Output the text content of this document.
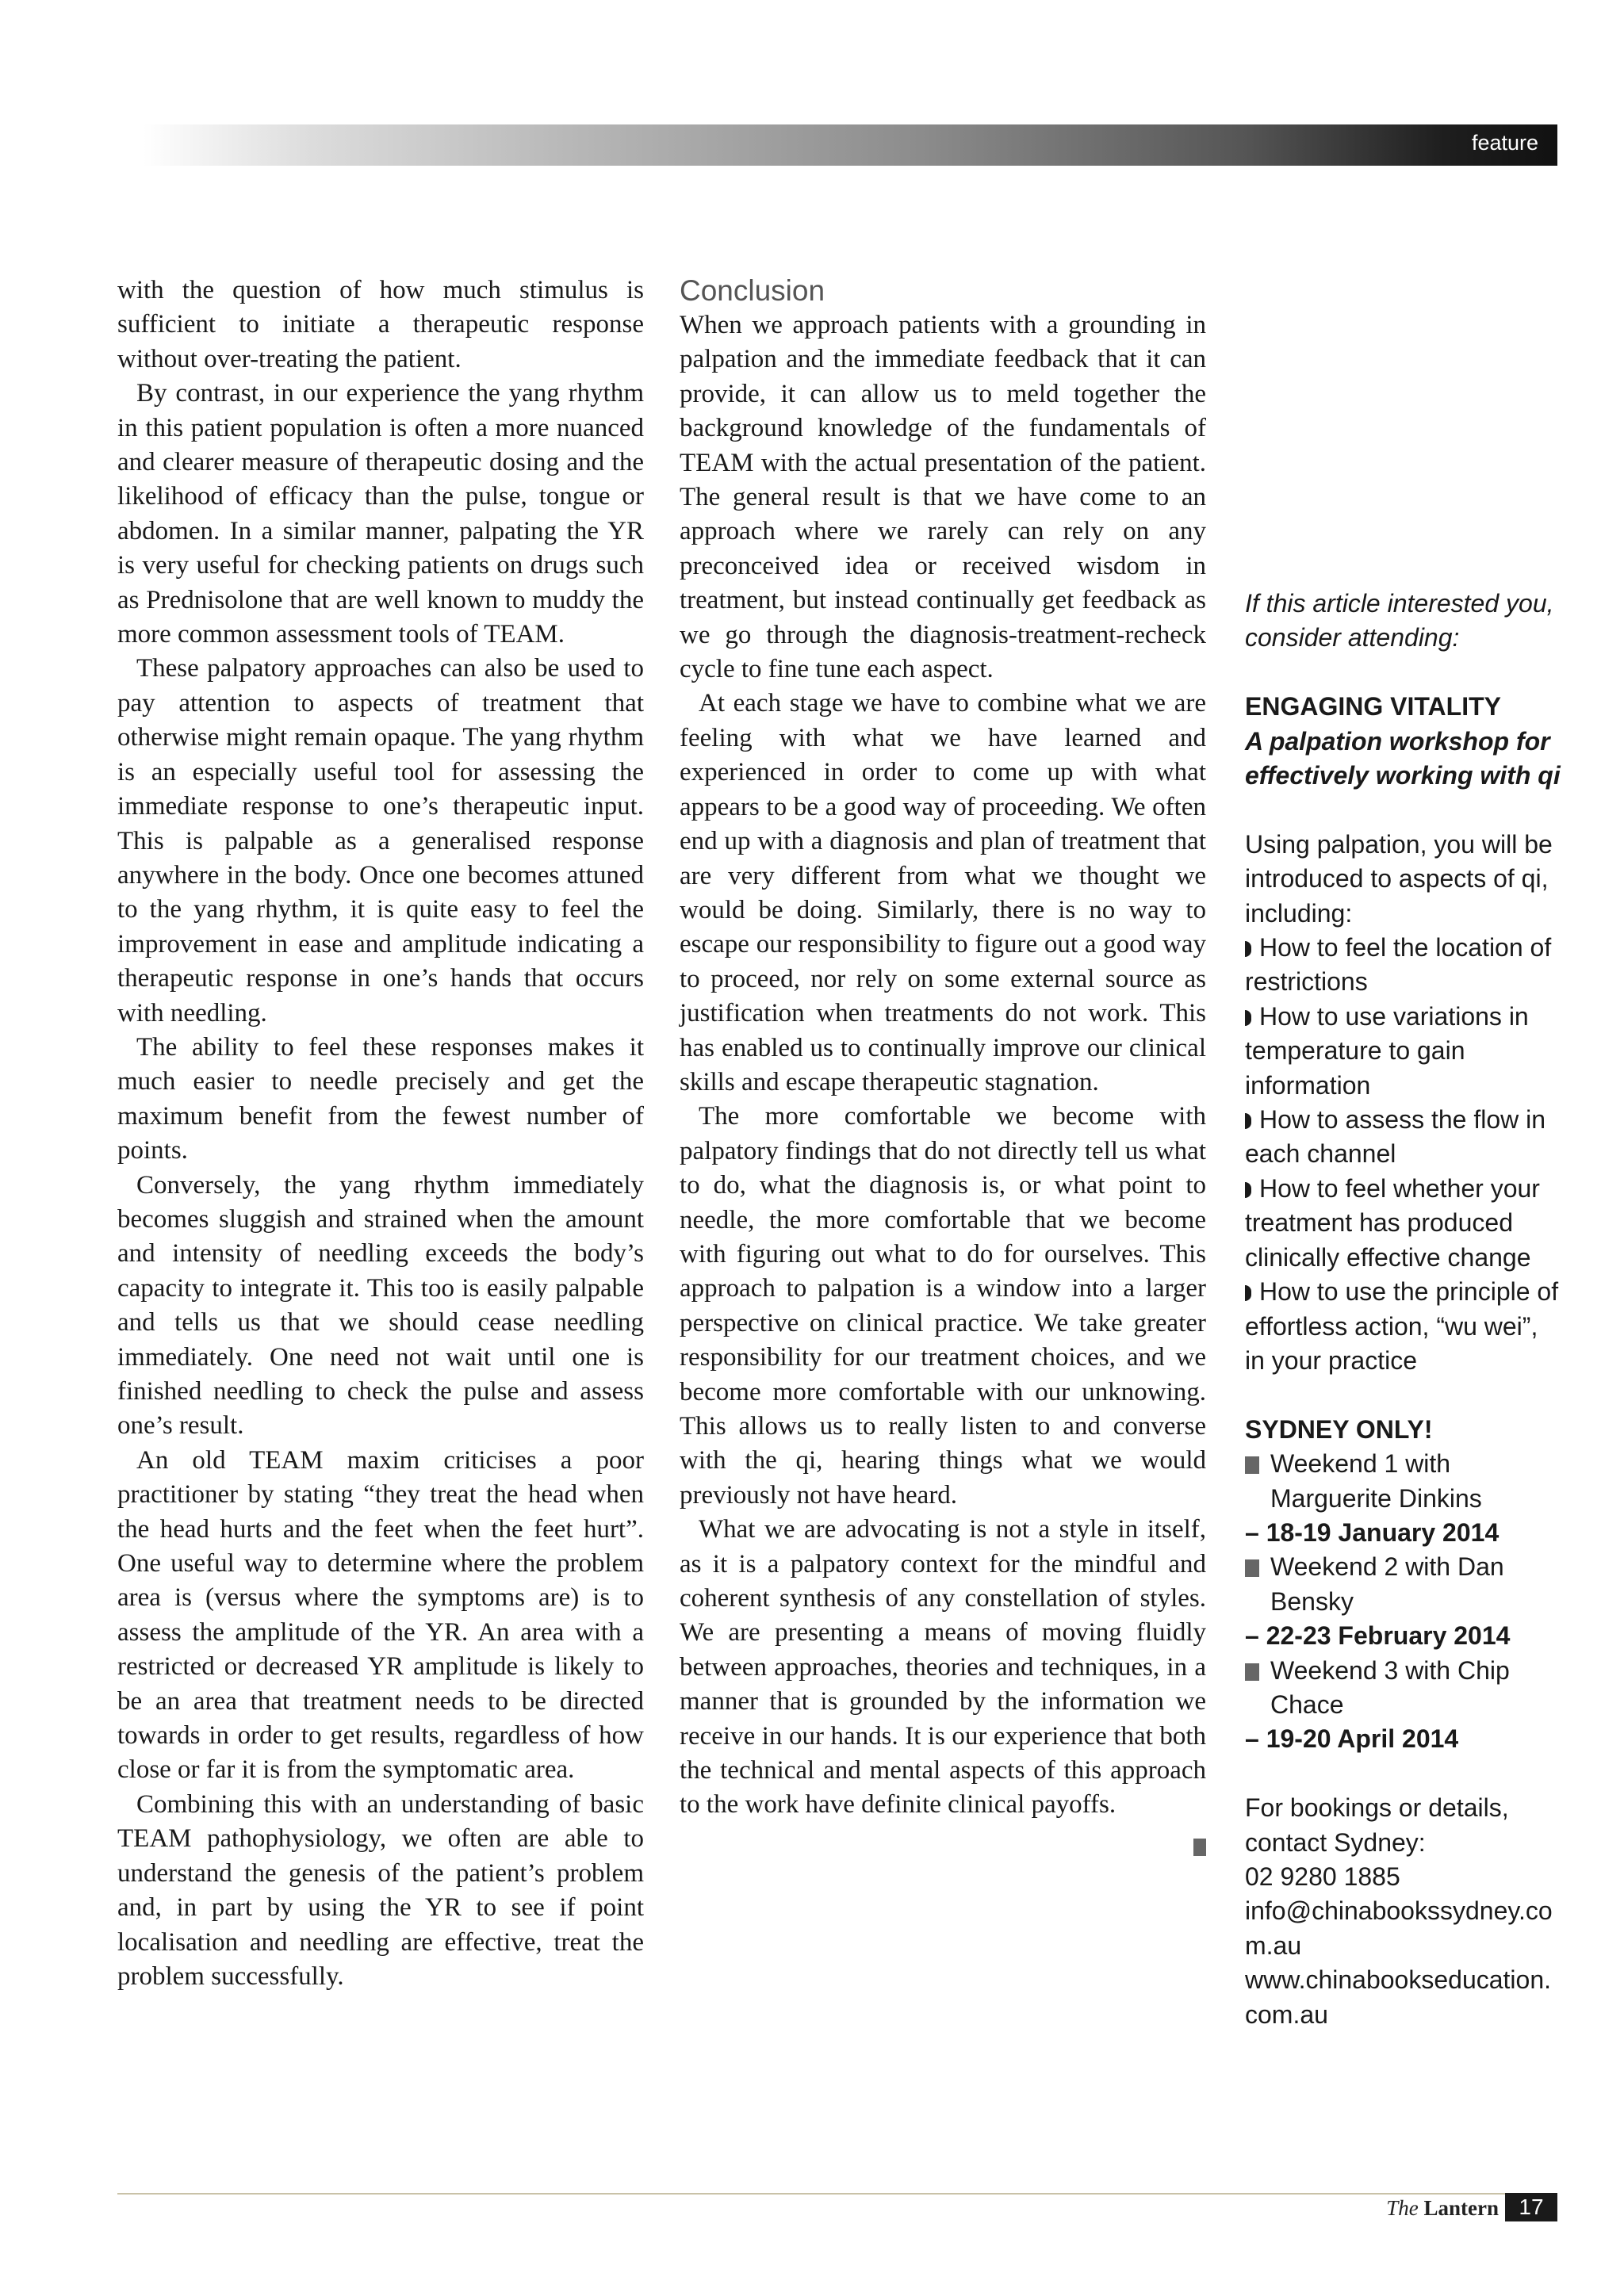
feature

with the question of how much stimulus is sufficient to initiate a therapeutic response without over-treating the patient.

By contrast, in our experience the yang rhythm in this patient population is often a more nuanced and clearer measure of therapeutic dosing and the likelihood of efficacy than the pulse, tongue or abdomen. In a similar manner, palpating the YR is very useful for checking patients on drugs such as Prednisolone that are well known to muddy the more common assessment tools of TEAM.

These palpatory approaches can also be used to pay attention to aspects of treatment that otherwise might remain opaque. The yang rhythm is an especially useful tool for assessing the immediate response to one’s therapeutic input. This is palpable as a generalised response anywhere in the body. Once one becomes attuned to the yang rhythm, it is quite easy to feel the improvement in ease and amplitude indicating a therapeutic response in one’s hands that occurs with needling.

The ability to feel these responses makes it much easier to needle precisely and get the maximum benefit from the fewest number of points.

Conversely, the yang rhythm immediately becomes sluggish and strained when the amount and intensity of needling exceeds the body’s capacity to integrate it. This too is easily palpable and tells us that we should cease needling immediately. One need not wait until one is finished needling to check the pulse and assess one’s result.

An old TEAM maxim criticises a poor practitioner by stating “they treat the head when the head hurts and the feet when the feet hurt”. One useful way to determine where the problem area is (versus where the symptoms are) is to assess the amplitude of the YR. An area with a restricted or decreased YR amplitude is likely to be an area that treatment needs to be directed towards in order to get results, regardless of how close or far it is from the symptomatic area.

Combining this with an understanding of basic TEAM pathophysiology, we often are able to understand the genesis of the patient’s problem and, in part by using the YR to see if point localisation and needling are effective, treat the problem successfully.

Conclusion

When we approach patients with a grounding in palpation and the immediate feedback that it can provide, it can allow us to meld together the background knowledge of the fundamentals of TEAM with the actual presentation of the patient. The general result is that we have come to an approach where we rarely can rely on any preconceived idea or received wisdom in treatment, but instead continually get feedback as we go through the diagnosis-treatment-recheck cycle to fine tune each aspect.

At each stage we have to combine what we are feeling with what we have learned and experienced in order to come up with what appears to be a good way of proceeding. We often end up with a diagnosis and plan of treatment that are very different from what we thought we would be doing. Similarly, there is no way to escape our responsibility to figure out a good way to proceed, nor rely on some external source as justification when treatments do not work. This has enabled us to continually improve our clinical skills and escape therapeutic stagnation.

The more comfortable we become with palpatory findings that do not directly tell us what to do, what the diagnosis is, or what point to needle, the more comfortable that we become with figuring out what to do for ourselves. This approach to palpation is a window into a larger perspective on clinical practice. We take greater responsibility for our treatment choices, and we become more comfortable with our unknowing. This allows us to really listen to and converse with the qi, hearing things what we would previously not have heard.

What we are advocating is not a style in itself, as it is a palpatory context for the mindful and coherent synthesis of any constellation of styles. We are presenting a means of moving fluidly between approaches, theories and techniques, in a manner that is grounded by the information we receive in our hands. It is our experience that both the technical and mental aspects of this approach to the work have definite clinical payoffs.

If this article interested you, consider attending:

ENGAGING VITALITY

A palpation workshop for effectively working with qi

Using palpation, you will be introduced to aspects of qi, including:

How to feel the location of restrictions

How to use variations in temperature to gain information

How to assess the flow in each channel

How to feel whether your treatment has produced clinically effective change

How to use the principle of effortless action, “wu wei”, in your practice

SYDNEY ONLY!

Weekend 1 with Marguerite Dinkins

– 18-19 January 2014

Weekend 2 with Dan Bensky

– 22-23 February 2014

Weekend 3 with Chip Chace

– 19-20 April 2014

For bookings or details, contact Sydney:

02 9280 1885

info@chinabookssydney.com.au

www.chinabookseducation.com.au

The Lantern 17
